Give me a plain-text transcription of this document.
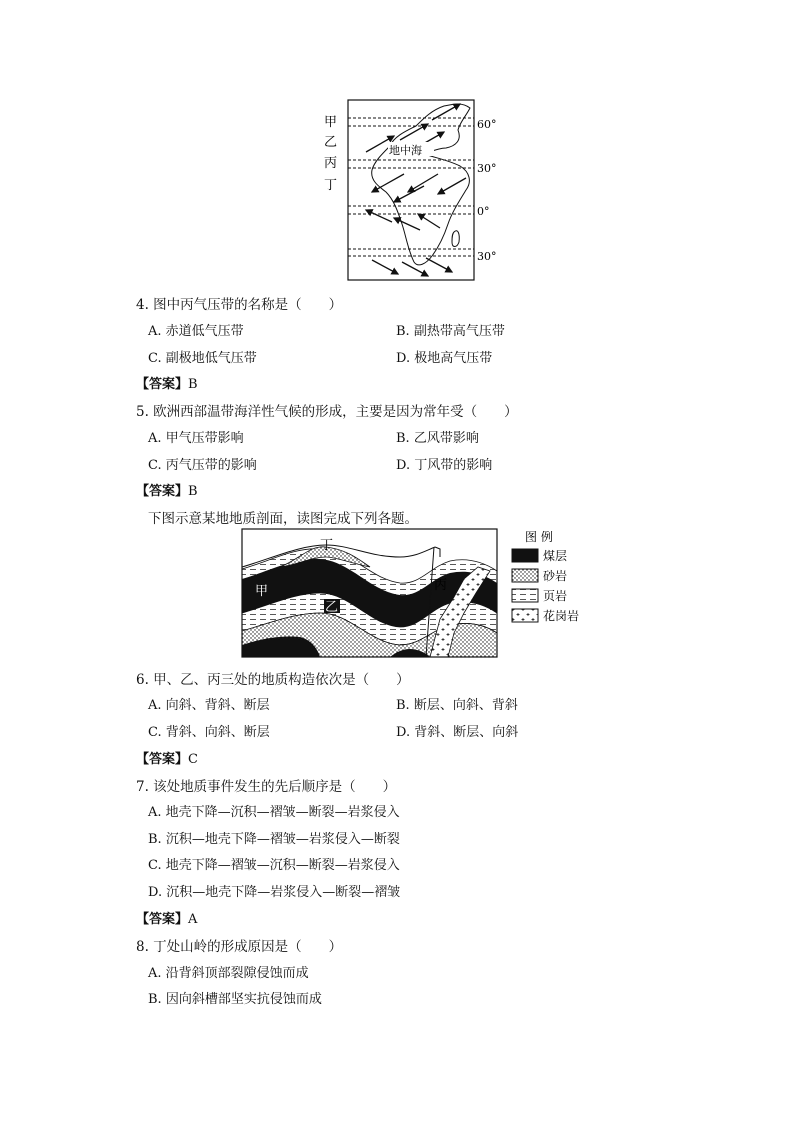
甲
乙
丙
丁
60°
30°
0°
30°
地中海
4. 图中丙气压带的名称是（　　）
A. 赤道低气压带	B. 副热带高气压带
C. 副极地低气压带	D. 极地高气压带
【答案】B
5. 欧洲西部温带海洋性气候的形成，主要是因为常年受（　　）
A. 甲气压带影响	B. 乙风带影响
C. 丙气压带的影响	D. 丁风带的影响
【答案】B
下图示意某地地质剖面，读图完成下列各题。
丁
甲
乙
丙
图 例
煤层
砂岩
页岩
花岗岩
6. 甲、乙、丙三处的地质构造依次是（　　）
A. 向斜、背斜、断层	B. 断层、向斜、背斜
C. 背斜、向斜、断层	D. 背斜、断层、向斜
【答案】C
7. 该处地质事件发生的先后顺序是（　　）
A. 地壳下降—沉积—褶皱—断裂—岩浆侵入
B. 沉积—地壳下降—褶皱—岩浆侵入—断裂
C. 地壳下降—褶皱—沉积—断裂—岩浆侵入
D. 沉积—地壳下降—岩浆侵入—断裂—褶皱
【答案】A
8. 丁处山岭的形成原因是（　　）
A. 沿背斜顶部裂隙侵蚀而成
B. 因向斜槽部坚实抗侵蚀而成
